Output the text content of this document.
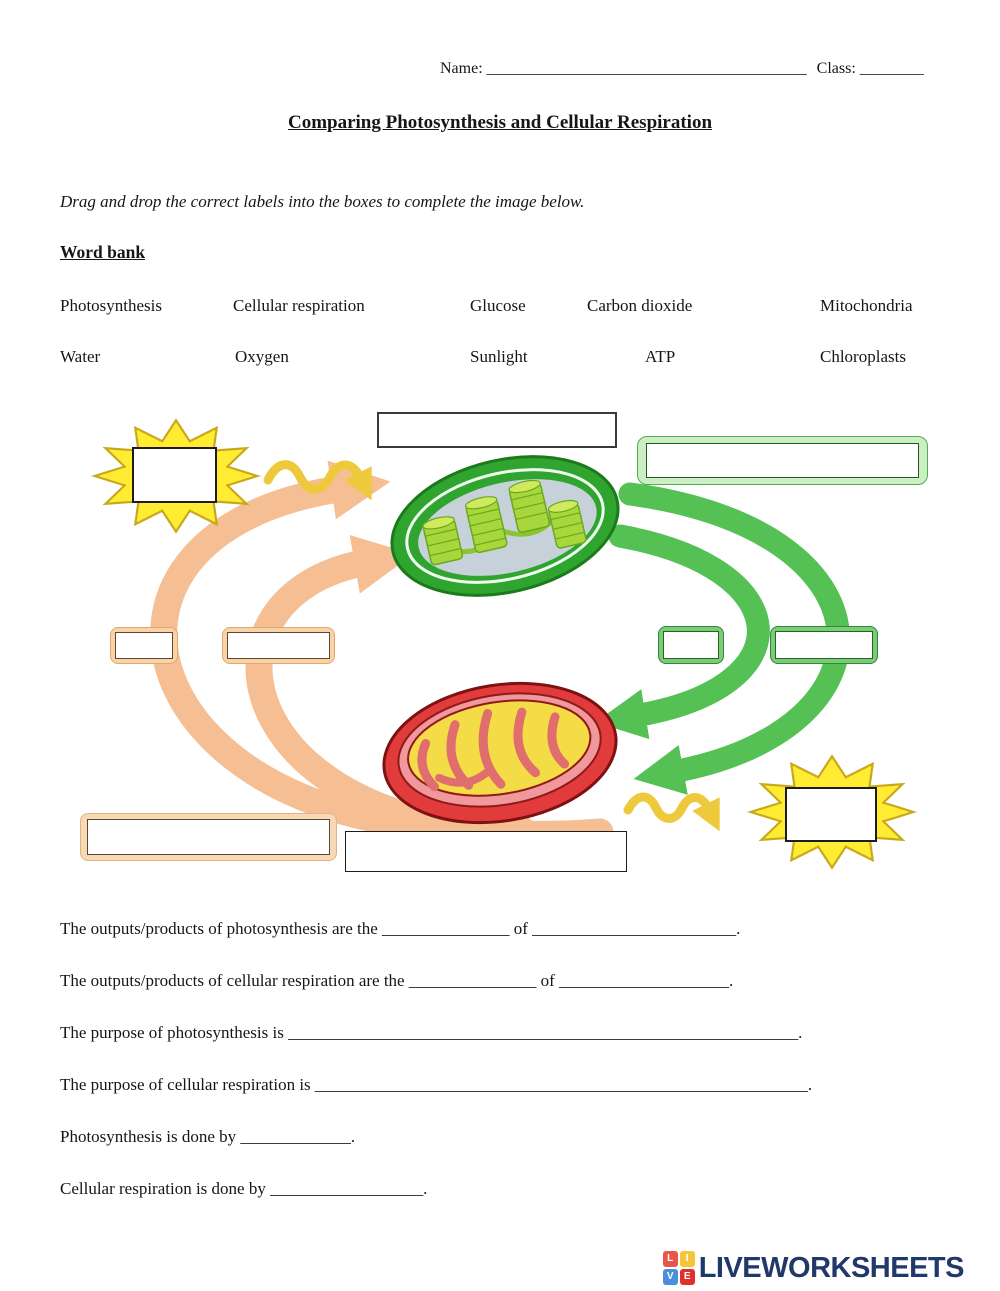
Name: ________________________________________ Class: ________
Comparing Photosynthesis and Cellular Respiration
Drag and drop the correct labels into the boxes to complete the image below.
Word bank
Photosynthesis	Cellular respiration	Glucose	Carbon dioxide	Mitochondria
Water	Oxygen	Sunlight	ATP	Chloroplasts
The outputs/products of photosynthesis are the _______________ of ________________________.
The outputs/products of cellular respiration are the _______________ of ____________________.
The purpose of photosynthesis is ____________________________________________________________.
The purpose of cellular respiration is __________________________________________________________.
Photosynthesis is done by _____________.
Cellular respiration is done by __________________.
L	I
V	E LIVEWORKSHEETS
